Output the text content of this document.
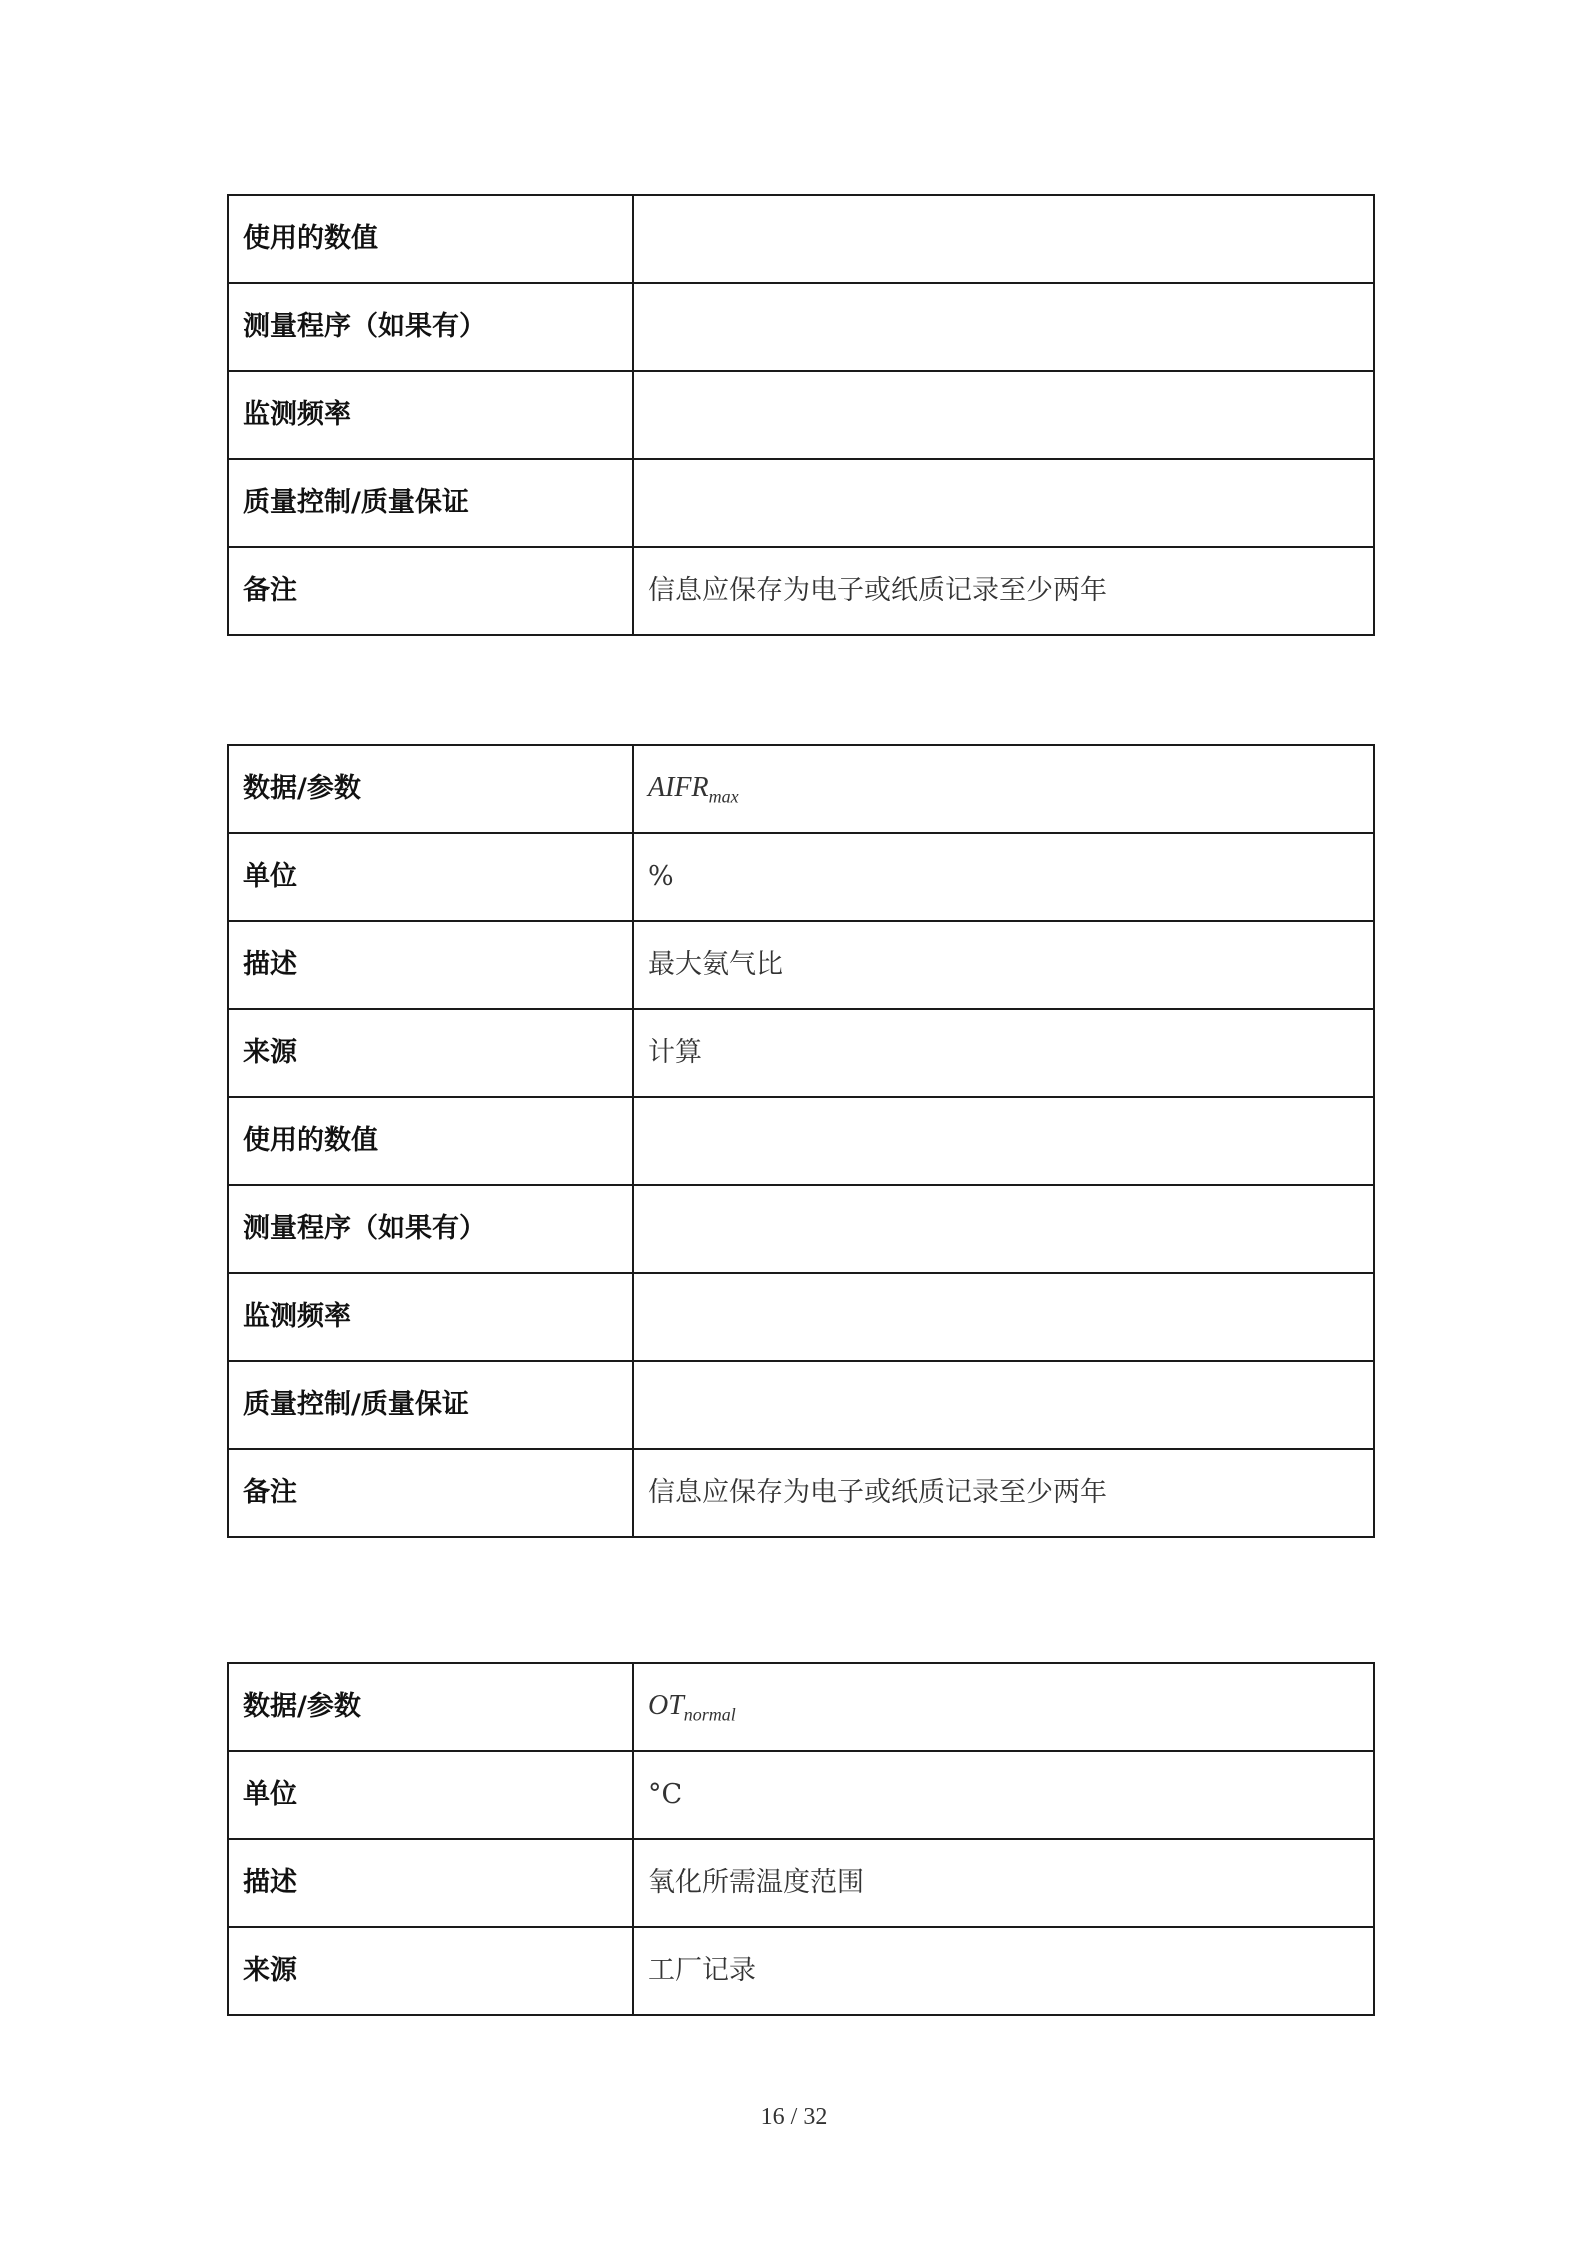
使用的数值	
测量程序（如果有）	
监测频率	
质量控制/质量保证	
备注	信息应保存为电子或纸质记录至少两年
数据/参数	$AIFR_{max}$
单位	%
描述	最大氨气比
来源	计算
使用的数值	
测量程序（如果有）	
监测频率	
质量控制/质量保证	
备注	信息应保存为电子或纸质记录至少两年
数据/参数	$OT_{normal}$
单位	°C
描述	氧化所需温度范围
来源	工厂记录
16 / 32
